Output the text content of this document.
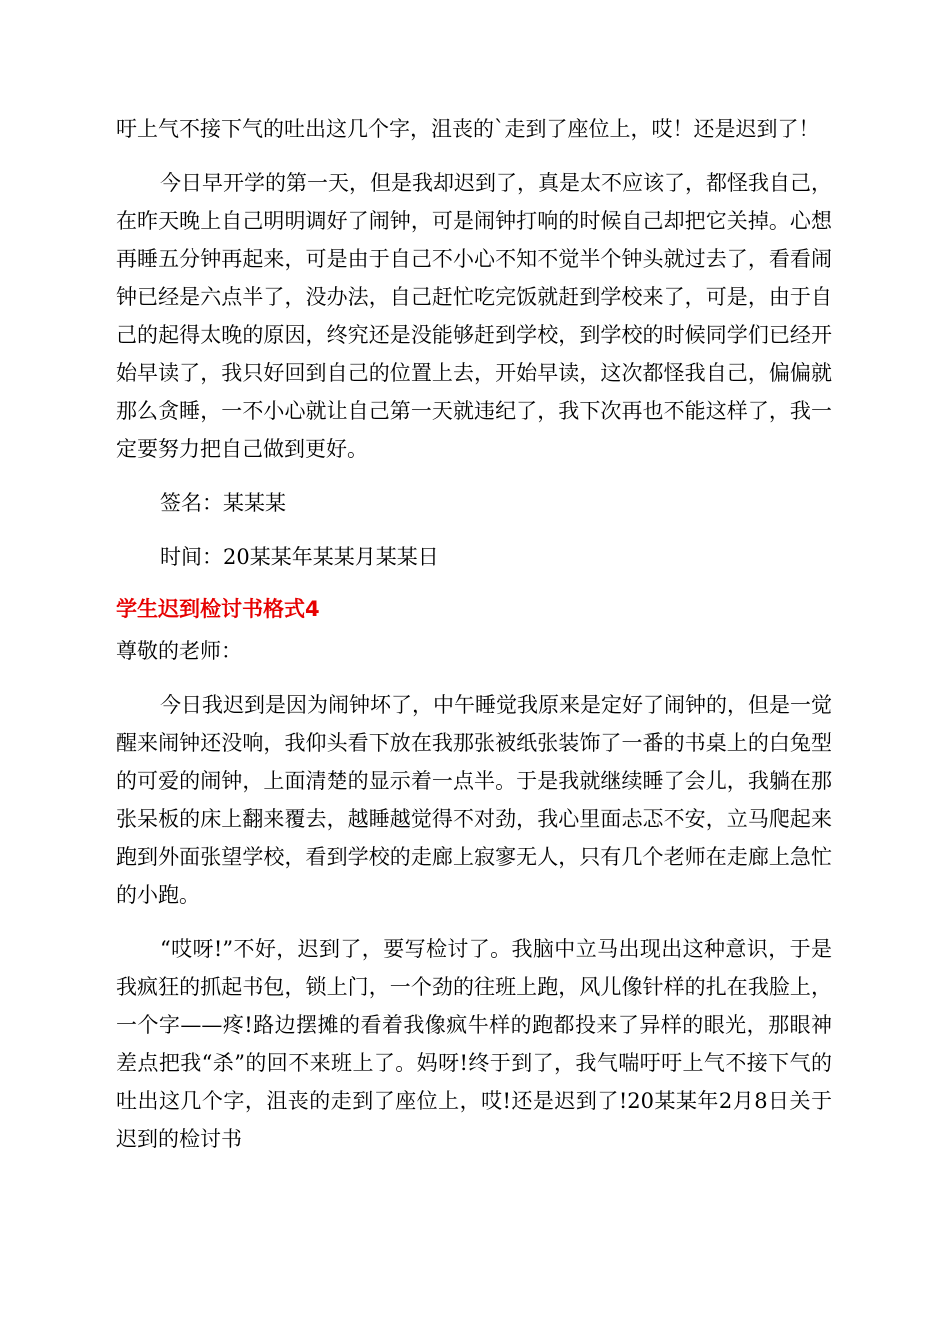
吁上气不接下气的吐出这几个字，沮丧的`走到了座位上，哎！还是迟到了！

今日早开学的第一天，但是我却迟到了，真是太不应该了，都怪我自己，在昨天晚上自己明明调好了闹钟，可是闹钟打响的时候自己却把它关掉。心想再睡五分钟再起来，可是由于自己不小心不知不觉半个钟头就过去了，看看闹钟已经是六点半了，没办法，自己赶忙吃完饭就赶到学校来了，可是，由于自己的起得太晚的原因，终究还是没能够赶到学校，到学校的时候同学们已经开始早读了，我只好回到自己的位置上去，开始早读，这次都怪我自己，偏偏就那么贪睡，一不小心就让自己第一天就违纪了，我下次再也不能这样了，我一定要努力把自己做到更好。

签名：某某某

时间：20某某年某某月某某日

学生迟到检讨书格式4

尊敬的老师：

今日我迟到是因为闹钟坏了，中午睡觉我原来是定好了闹钟的，但是一觉醒来闹钟还没响，我仰头看下放在我那张被纸张装饰了一番的书桌上的白兔型的可爱的闹钟，上面清楚的显示着一点半。于是我就继续睡了会儿，我躺在那张呆板的床上翻来覆去，越睡越觉得不对劲，我心里面忐忑不安，立马爬起来跑到外面张望学校，看到学校的走廊上寂寥无人，只有几个老师在走廊上急忙的小跑。

“哎呀!”不好，迟到了，要写检讨了。我脑中立马出现出这种意识，于是我疯狂的抓起书包，锁上门，一个劲的往班上跑，风儿像针样的扎在我脸上，一个字——疼!路边摆摊的看着我像疯牛样的跑都投来了异样的眼光，那眼神差点把我“杀”的回不来班上了。妈呀!终于到了，我气喘吁吁上气不接下气的吐出这几个字，沮丧的走到了座位上，哎!还是迟到了!20某某年2月8日关于迟到的检讨书
